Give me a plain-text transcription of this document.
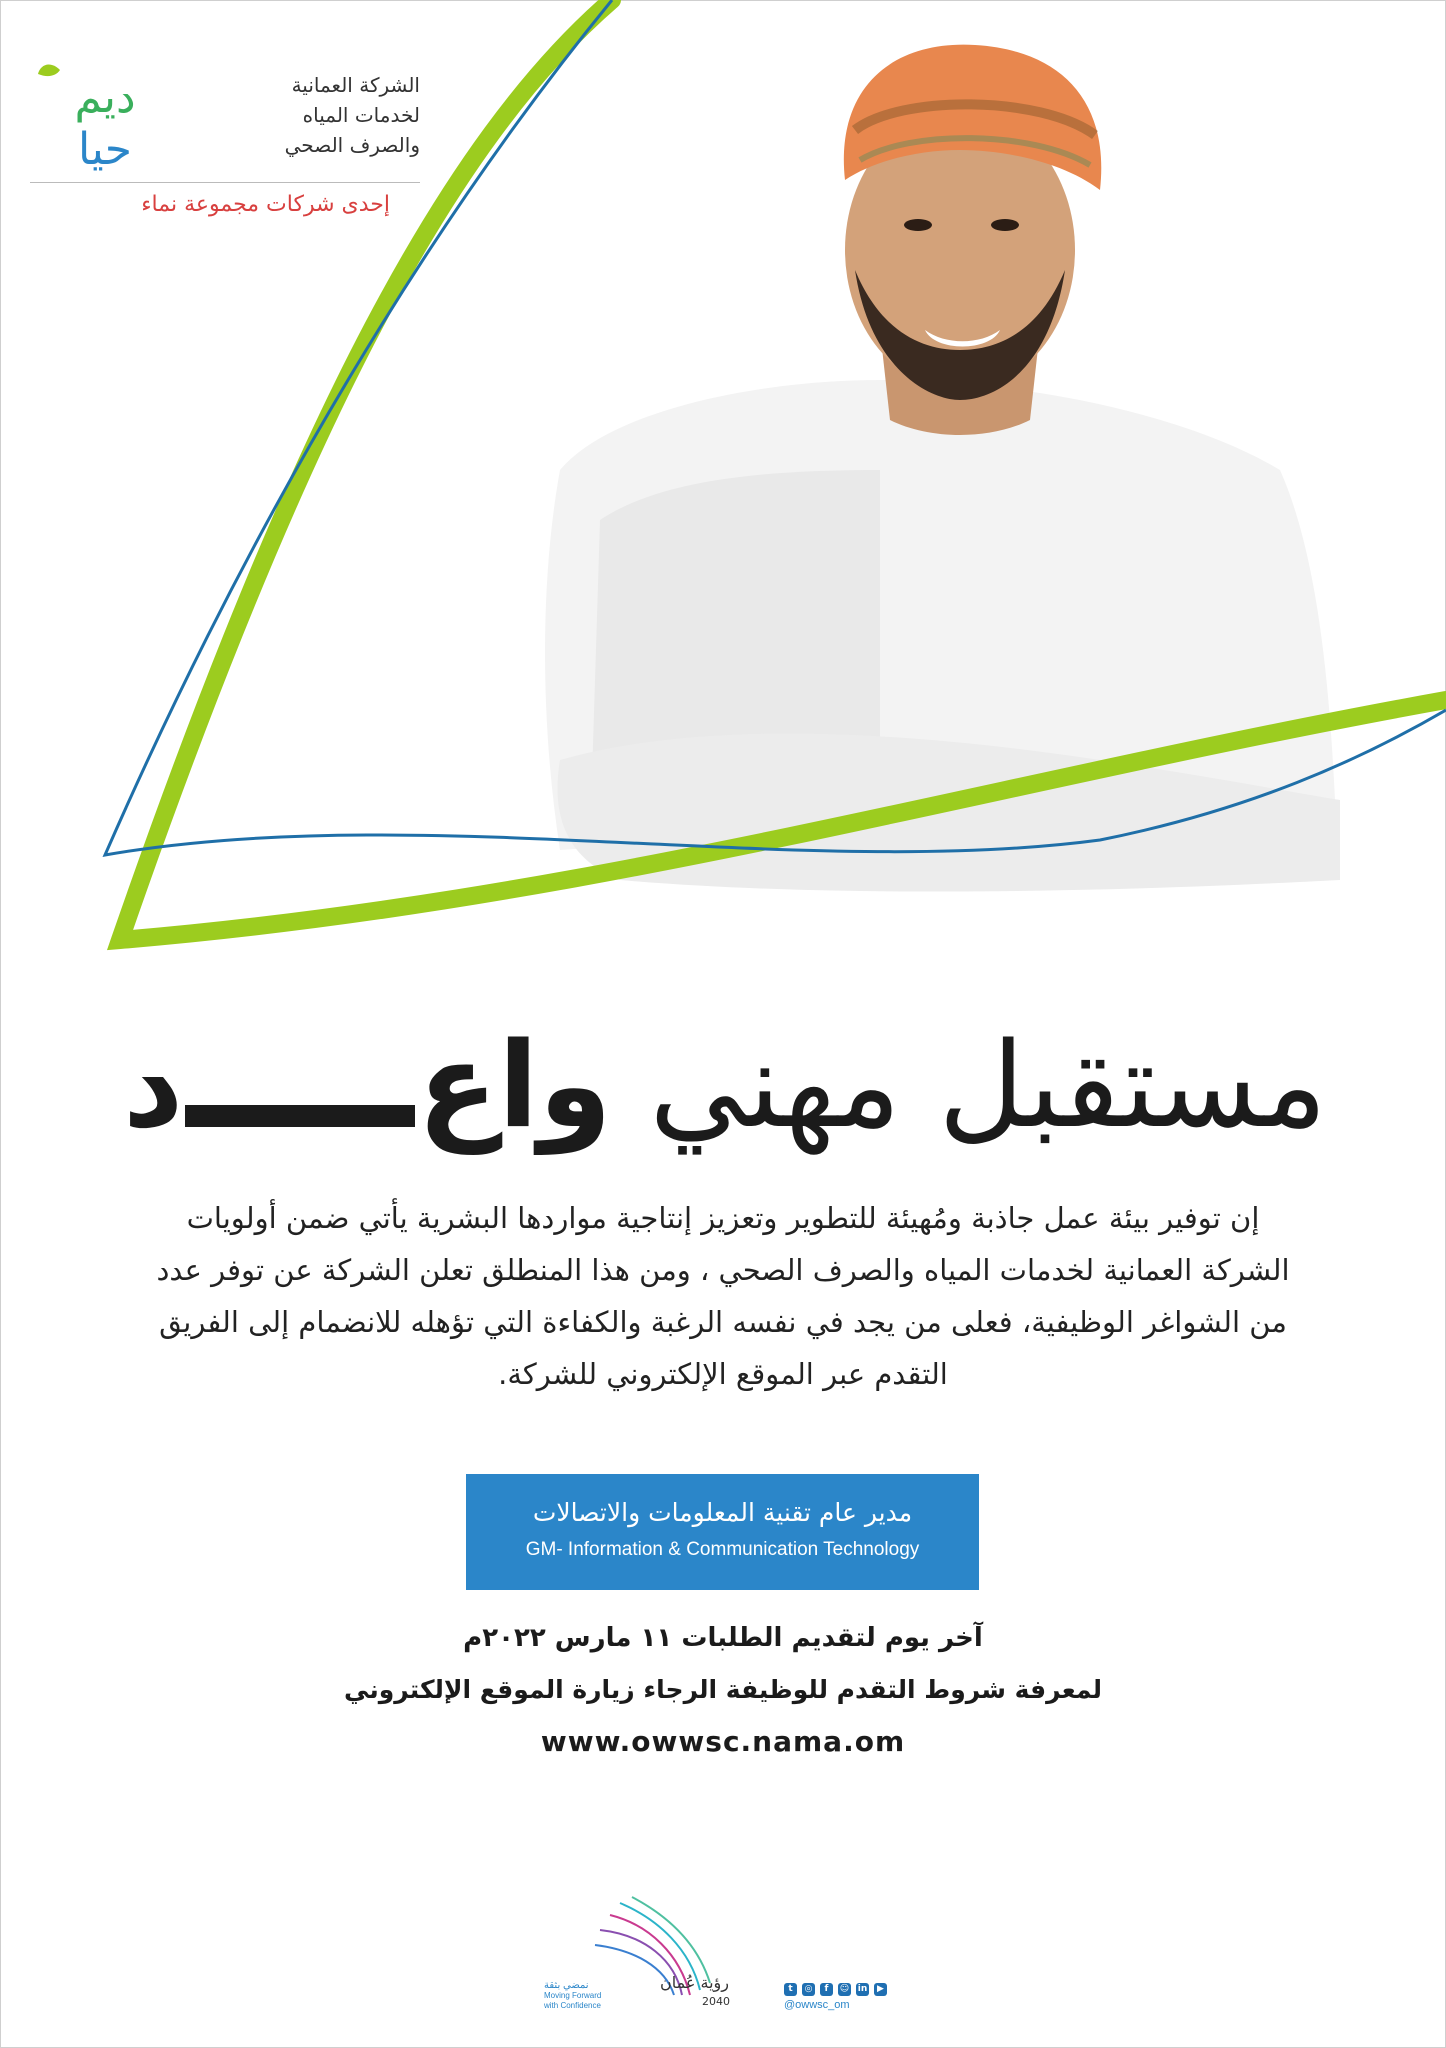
ديم
حيا
الشركة العمانية
لخدمات المياه
والصرف الصحي
إحدى شركات مجموعة نماء
مستقبل مهني واعد
إن توفير بيئة عمل جاذبة ومُهيئة للتطوير وتعزيز إنتاجية مواردها البشرية يأتي ضمن أولويات
الشركة العمانية لخدمات المياه والصرف الصحي ، ومن هذا المنطلق تعلن الشركة عن توفر عدد
من الشواغر الوظيفية، فعلى من يجد في نفسه الرغبة والكفاءة التي تؤهله للانضمام إلى الفريق
التقدم عبر الموقع الإلكتروني للشركة.
مدير عام تقنية المعلومات والاتصالات
GM- Information & Communication Technology
آخر يوم لتقديم الطلبات ١١ مارس ٢٠٢٢م
لمعرفة شروط التقدم للوظيفة الرجاء زيارة الموقع الإلكتروني
www.owwsc.nama.om
نمضي بثقة
Moving Forward
with Confidence
رؤية عُمان
2040
t	◎	f	☺ in	▶
@owwsc_om
